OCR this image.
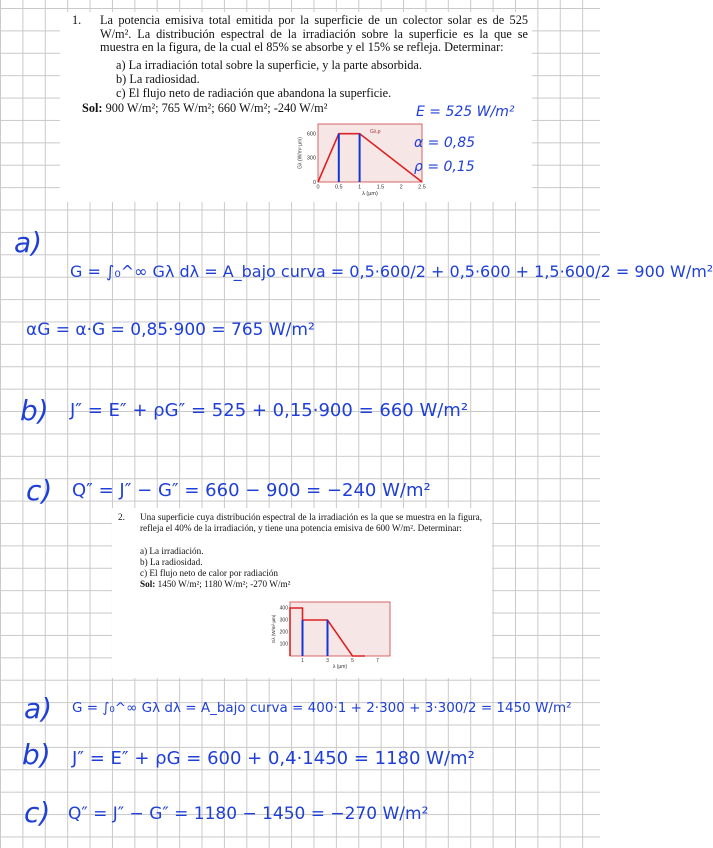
1. La potencia emisiva total emitida por la superficie de un colector solar es de 525 W/m². La distribución espectral de la irradiación sobre la superficie es la que se muestra en la figura, de la cual el 85% se absorbe y el 15% se refleja. Determinar:
a) La irradiación total sobre la superficie, y la parte absorbida.
b) La radiosidad.
c) El flujo neto de radiación que abandona la superficie.
Sol: 900 W/m²; 765 W/m²; 660 W/m²; -240 W/m²
0	0.5	1	1.5	2	2.5
0
300
600
λ (µm)
Gλ (W/m²·µm)
Gλ,p
2. Una superficie cuya distribución espectral de la irradiación es la que se muestra en la figura, refleja el 40% de la irradiación, y tiene una potencia emisiva de 600 W/m². Determinar:
a) La irradiación.
b) La radiosidad.
c) El flujo neto de calor por radiación
Sol: 1450 W/m²; 1180 W/m²; -270 W/m²
1	3	5	7
100
200
300
400
λ (µm)
Gλ (W/m²·µm)
E = 525 W/m²
α = 0,85
ρ = 0,15
a)
G = ∫₀^∞ Gλ dλ = A_bajo curva = 0,5·600/2 + 0,5·600 + 1,5·600/2 = 900 W/m²
αG = α·G = 0,85·900 = 765 W/m²
b) J″ = E″ + ρG″ = 525 + 0,15·900 = 660 W/m²
c) Q″ = J″ − G″ = 660 − 900 = −240 W/m²
a) G = ∫₀^∞ Gλ dλ = A_bajo curva = 400·1 + 2·300 + 3·300/2 = 1450 W/m²
b) J″ = E″ + ρG = 600 + 0,4·1450 = 1180 W/m²
c) Q″ = J″ − G″ = 1180 − 1450 = −270 W/m²
